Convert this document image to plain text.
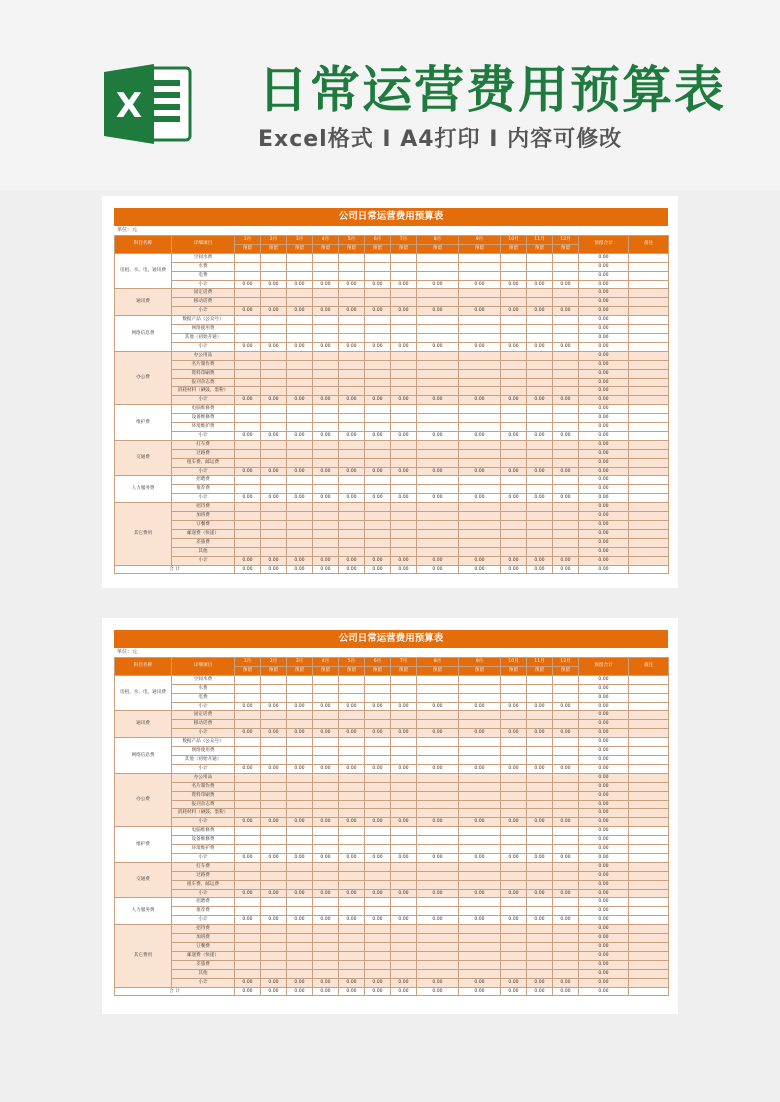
X 日常运营费用预算表
Excel格式 I A4打印 I 内容可修改
公司日常运营费用预算表
单位：元
科目名称	详细项目	1月	2月	3月	4月	5月	6月	7月	8月	9月	10月	11月	12月	预留合计	备注
		预留	预留	预留	预留	预留	预留	预留	预留	预留	预留	预留	预留		
房租、水、电、通讯费	空间水费													0.00	
	水费													0.00	
	电费													0.00	
	小计	0.00	0.00	0.00	0.00	0.00	0.00	0.00	0.00	0.00	0.00	0.00	0.00	0.00	
通讯费	固定话费													0.00	
	移动话费													0.00	
	小计	0.00	0.00	0.00	0.00	0.00	0.00	0.00	0.00	0.00	0.00	0.00	0.00	0.00	
网络信息费	数据产品（公众号）													0.00	
	网络使用费													0.00	
	其他（初始开通）													0.00	
	小计	0.00	0.00	0.00	0.00	0.00	0.00	0.00	0.00	0.00	0.00	0.00	0.00	0.00	
办公费	办公用品													0.00	
	名片制作费													0.00	
	资料印刷费													0.00	
	报刊杂志费													0.00	
	消耗材料（硒鼓、墨粉）													0.00	
	小计	0.00	0.00	0.00	0.00	0.00	0.00	0.00	0.00	0.00	0.00	0.00	0.00	0.00	
维护费	电脑维修费													0.00	
	设备维修费													0.00	
	环境维护费													0.00	
	小计	0.00	0.00	0.00	0.00	0.00	0.00	0.00	0.00	0.00	0.00	0.00	0.00	0.00	
交通费	打车费													0.00	
	过路费													0.00	
	租车费、邮运费													0.00	
	小计	0.00	0.00	0.00	0.00	0.00	0.00	0.00	0.00	0.00	0.00	0.00	0.00	0.00	
人力服务费	招聘费													0.00	
	推荐费													0.00	
	小计	0.00	0.00	0.00	0.00	0.00	0.00	0.00	0.00	0.00	0.00	0.00	0.00	0.00	
其它费用	招待费													0.00	
	加班费													0.00	
	订餐费													0.00	
	邮递费（快递）													0.00	
	差旅费													0.00	
	其他													0.00	
	小计	0.00	0.00	0.00	0.00	0.00	0.00	0.00	0.00	0.00	0.00	0.00	0.00	0.00	
合 计		0.00	0.00	0.00	0.00	0.00	0.00	0.00	0.00	0.00	0.00	0.00	0.00	0.00	
公司日常运营费用预算表
单位：元
科目名称	详细项目	1月	2月	3月	4月	5月	6月	7月	8月	9月	10月	11月	12月	预留合计	备注
		预留	预留	预留	预留	预留	预留	预留	预留	预留	预留	预留	预留		
房租、水、电、通讯费	空间水费													0.00	
	水费													0.00	
	电费													0.00	
	小计	0.00	0.00	0.00	0.00	0.00	0.00	0.00	0.00	0.00	0.00	0.00	0.00	0.00	
通讯费	固定话费													0.00	
	移动话费													0.00	
	小计	0.00	0.00	0.00	0.00	0.00	0.00	0.00	0.00	0.00	0.00	0.00	0.00	0.00	
网络信息费	数据产品（公众号）													0.00	
	网络使用费													0.00	
	其他（初始开通）													0.00	
	小计	0.00	0.00	0.00	0.00	0.00	0.00	0.00	0.00	0.00	0.00	0.00	0.00	0.00	
办公费	办公用品													0.00	
	名片制作费													0.00	
	资料印刷费													0.00	
	报刊杂志费													0.00	
	消耗材料（硒鼓、墨粉）													0.00	
	小计	0.00	0.00	0.00	0.00	0.00	0.00	0.00	0.00	0.00	0.00	0.00	0.00	0.00	
维护费	电脑维修费													0.00	
	设备维修费													0.00	
	环境维护费													0.00	
	小计	0.00	0.00	0.00	0.00	0.00	0.00	0.00	0.00	0.00	0.00	0.00	0.00	0.00	
交通费	打车费													0.00	
	过路费													0.00	
	租车费、邮运费													0.00	
	小计	0.00	0.00	0.00	0.00	0.00	0.00	0.00	0.00	0.00	0.00	0.00	0.00	0.00	
人力服务费	招聘费													0.00	
	推荐费													0.00	
	小计	0.00	0.00	0.00	0.00	0.00	0.00	0.00	0.00	0.00	0.00	0.00	0.00	0.00	
其它费用	招待费													0.00	
	加班费													0.00	
	订餐费													0.00	
	邮递费（快递）													0.00	
	差旅费													0.00	
	其他													0.00	
	小计	0.00	0.00	0.00	0.00	0.00	0.00	0.00	0.00	0.00	0.00	0.00	0.00	0.00	
合 计		0.00	0.00	0.00	0.00	0.00	0.00	0.00	0.00	0.00	0.00	0.00	0.00	0.00	
